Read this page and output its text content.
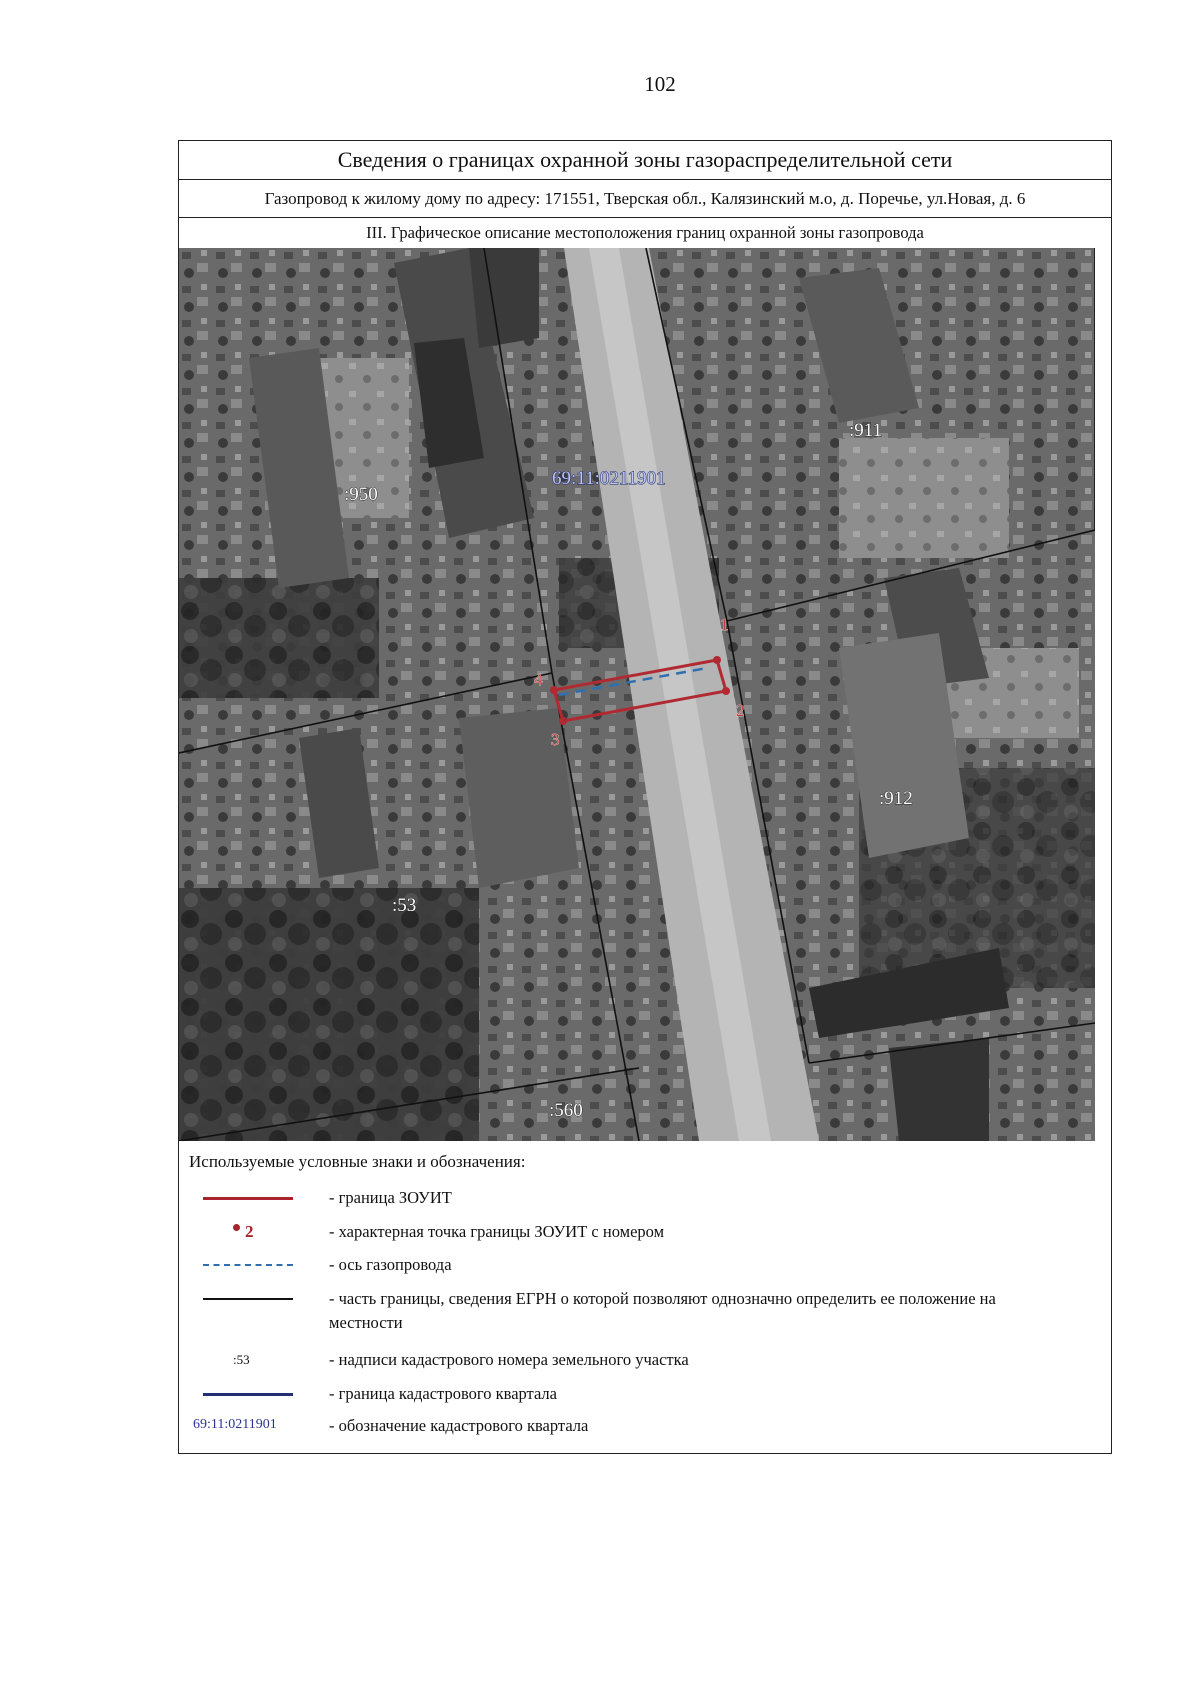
102
Сведения о границах охранной зоны газораспределительной сети
Газопровод к жилому дому по адресу: 171551, Тверская обл., Калязинский м.о, д. Поречье, ул.Новая, д. 6
III. Графическое описание местоположения границ охранной зоны газопровода
1
2
3
4
:950
:911
:912
:53
:560
69:11:0211901
Используемые условные знаки и обозначения:
- граница ЗОУИТ
2	- характерная точка границы ЗОУИТ с номером
- ось газопровода
- часть границы, сведения ЕГРН о которой позволяют однозначно определить ее положение на местности
:53	- надписи кадастрового номера земельного участка
- граница кадастрового квартала
69:11:0211901	- обозначение кадастрового квартала
